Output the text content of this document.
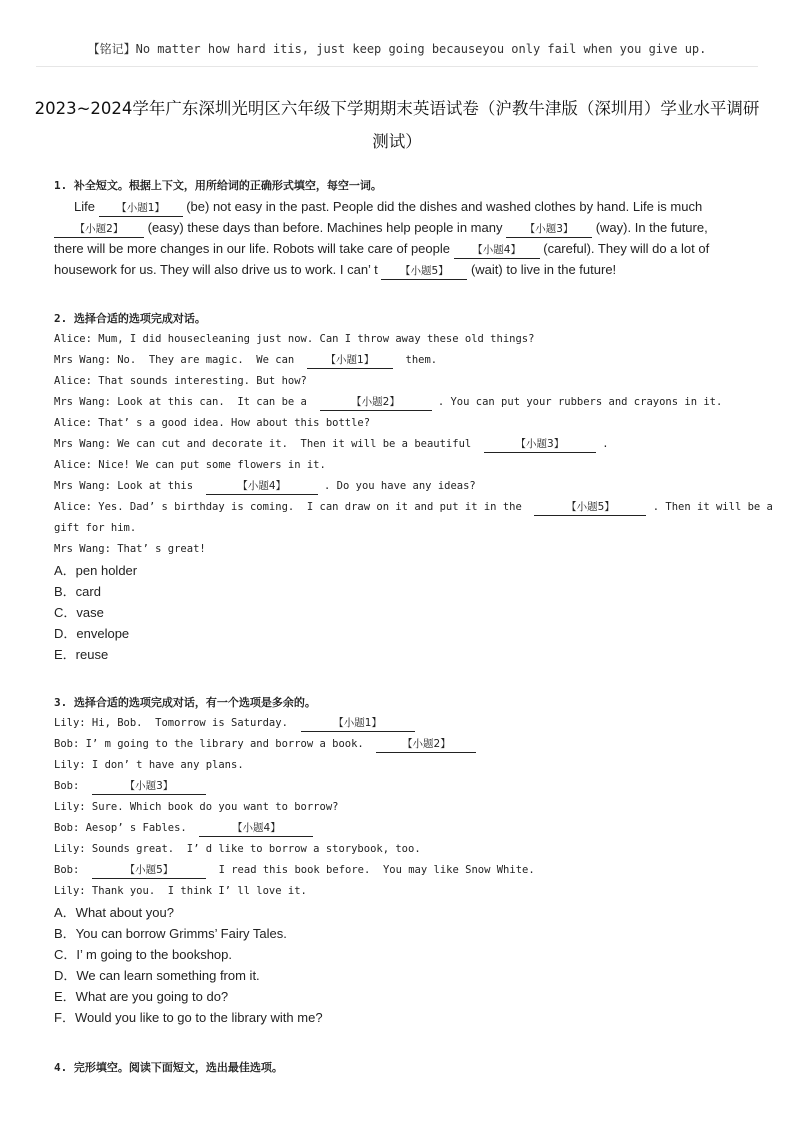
【铭记】No matter how hard itis, just keep going becauseyou only fail when you give up.
2023~2024学年广东深圳光明区六年级下学期期末英语试卷（沪教牛津版（深圳用）学业水平调研
测试）
1. 补全短文。根据上下文，用所给词的正确形式填空，每空一词。
Life 【小题1】 (be) not easy in the past. People did the dishes and washed clothes by hand. Life is much
【小题2】 (easy) these days than before. Machines help people in many 【小题3】 (way). In the future,
there will be more changes in our life. Robots will take care of people 【小题4】 (careful). They will do a lot of
housework for us. They will also drive us to work. I can’ t 【小题5】 (wait) to live in the future!
2. 选择合适的选项完成对话。
Alice: Mum, I did housecleaning just now. Can I throw away these old things?
Mrs Wang: No.  They are magic.  We can  【小题1】  them.
Alice: That sounds interesting. But how?
Mrs Wang: Look at this can.  It can be a	【小题2】	. You can put your rubbers and crayons in it.
Alice: That’ s a good idea. How about this bottle?
Mrs Wang: We can cut and decorate it.  Then it will be a beautiful	【小题3】	.
Alice: Nice! We can put some flowers in it.
Mrs Wang: Look at this	【小题4】	. Do you have any ideas?
Alice: Yes. Dad’ s birthday is coming.  I can draw on it and put it in the	【小题5】	. Then it will be a
gift for him.
Mrs Wang: That’ s great!
A．pen holder
B．card
C．vase
D．envelope
E．reuse
3. 选择合适的选项完成对话，有一个选项是多余的。
Lily: Hi, Bob.  Tomorrow is Saturday.	【小题1】
Bob: I’ m going to the library and borrow a book.  【小题2】
Lily: I don’ t have any plans.
Bob:	【小题3】
Lily: Sure. Which book do you want to borrow?
Bob: Aesop’ s Fables.	【小题4】
Lily: Sounds great.  I’ d like to borrow a storybook, too.
Bob:	【小题5】	I read this book before.  You may like Snow White.
Lily: Thank you.  I think I’ ll love it.
A．What about you?
B．You can borrow Grimms’ Fairy Tales.
C．I’ m going to the bookshop.
D．We can learn something from it.
E．What are you going to do?
F．Would you like to go to the library with me?
4. 完形填空。阅读下面短文，选出最佳选项。
